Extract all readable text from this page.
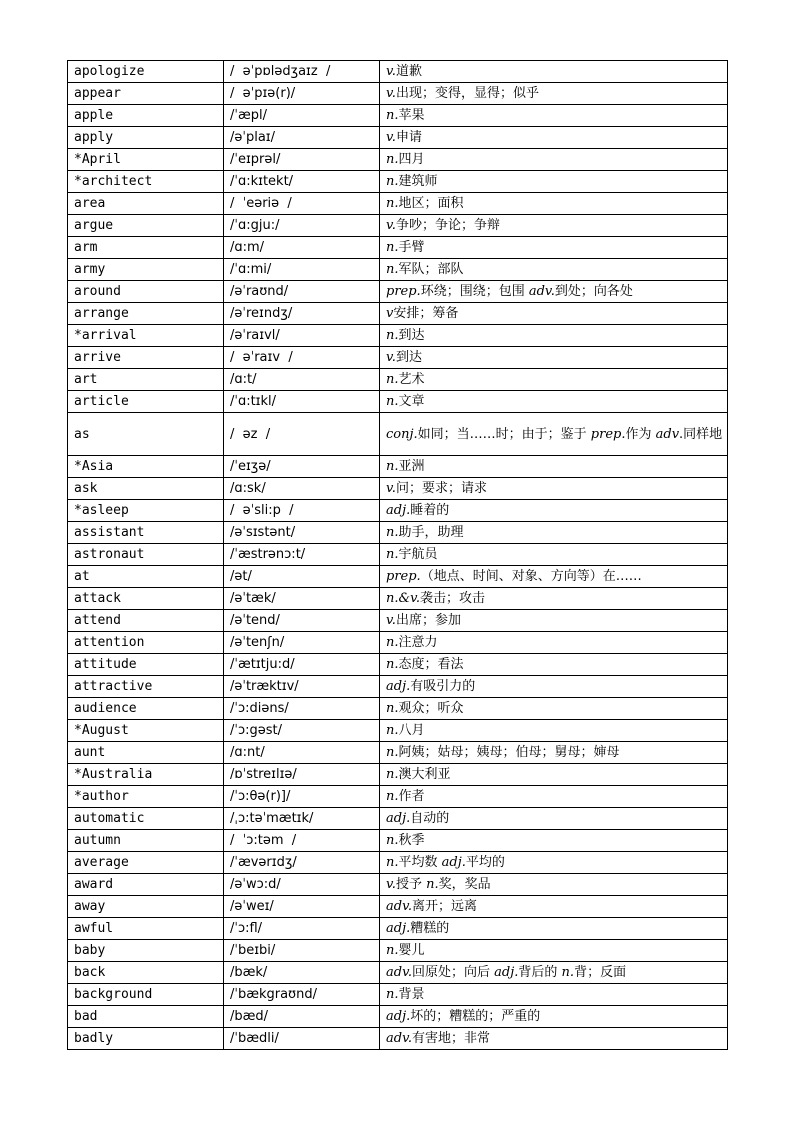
apologize	/  əˈpɒlədʒaɪz  /	v.道歉
appear	/  əˈpɪə(r)/	v.出现；变得，显得；似乎
apple	/ˈæpl/	n.苹果
apply	/əˈplaɪ/	v.申请
*April	/ˈeɪprəl/	n.四月
*architect	/ˈɑ:kɪtekt/	n.建筑师
area	/  ˈeəriə  /	n.地区；面积
argue	/ˈɑ:gju:/	v.争吵；争论；争辩
arm	/ɑ:m/	n.手臂
army	/ˈɑ:mi/	n.军队；部队
around	/əˈraʊnd/	prep.环绕；围绕；包围 adv.到处；向各处
arrange	/əˈreɪndʒ/	v安排；筹备
*arrival	/əˈraɪvl/	n.到达
arrive	/  əˈraɪv  /	v.到达
art	/ɑ:t/	n.艺术
article	/ˈɑ:tɪkl/	n.文章
as	/  əz  /	conj.如同；当……时；由于；鉴于 prep.作为 adv.同样地
*Asia	/ˈeɪʒə/	n.亚洲
ask	/ɑ:sk/	v.问；要求；请求
*asleep	/  əˈsli:p  /	adj.睡着的
assistant	/əˈsɪstənt/	n.助手，助理
astronaut	/ˈæstrənɔ:t/	n.宇航员
at	/ət/	prep.（地点、时间、对象、方向等）在……
attack	/əˈtæk/	n.&v.袭击；攻击
attend	/əˈtend/	v.出席；参加
attention	/əˈtenʃn/	n.注意力
attitude	/ˈætɪtju:d/	n.态度；看法
attractive	/əˈtræktɪv/	adj.有吸引力的
audience	/ˈɔ:diəns/	n.观众；听众
*August	/ˈɔ:gəst/	n.八月
aunt	/ɑ:nt/	n.阿姨；姑母；姨母；伯母；舅母；婶母
*Australia	/ɒˈstreɪlɪə/	n.澳大利亚
*author	/ˈɔ:θə(r)]/	n.作者
automatic	/ˌɔ:təˈmætɪk/	adj.自动的
autumn	/  ˈɔ:təm  /	n.秋季
average	/ˈævərɪdʒ/	n.平均数 adj.平均的
award	/əˈwɔ:d/	v.授予 n.奖，奖品
away	/əˈweɪ/	adv.离开；远离
awful	/ˈɔ:fl/	adj.糟糕的
baby	/ˈbeɪbi/	n.婴儿
back	/bæk/	adv.回原处；向后 adj.背后的 n.背；反面
background	/ˈbækgraʊnd/	n.背景
bad	/bæd/	adj.坏的；糟糕的；严重的
badly	/ˈbædli/	adv.有害地；非常
